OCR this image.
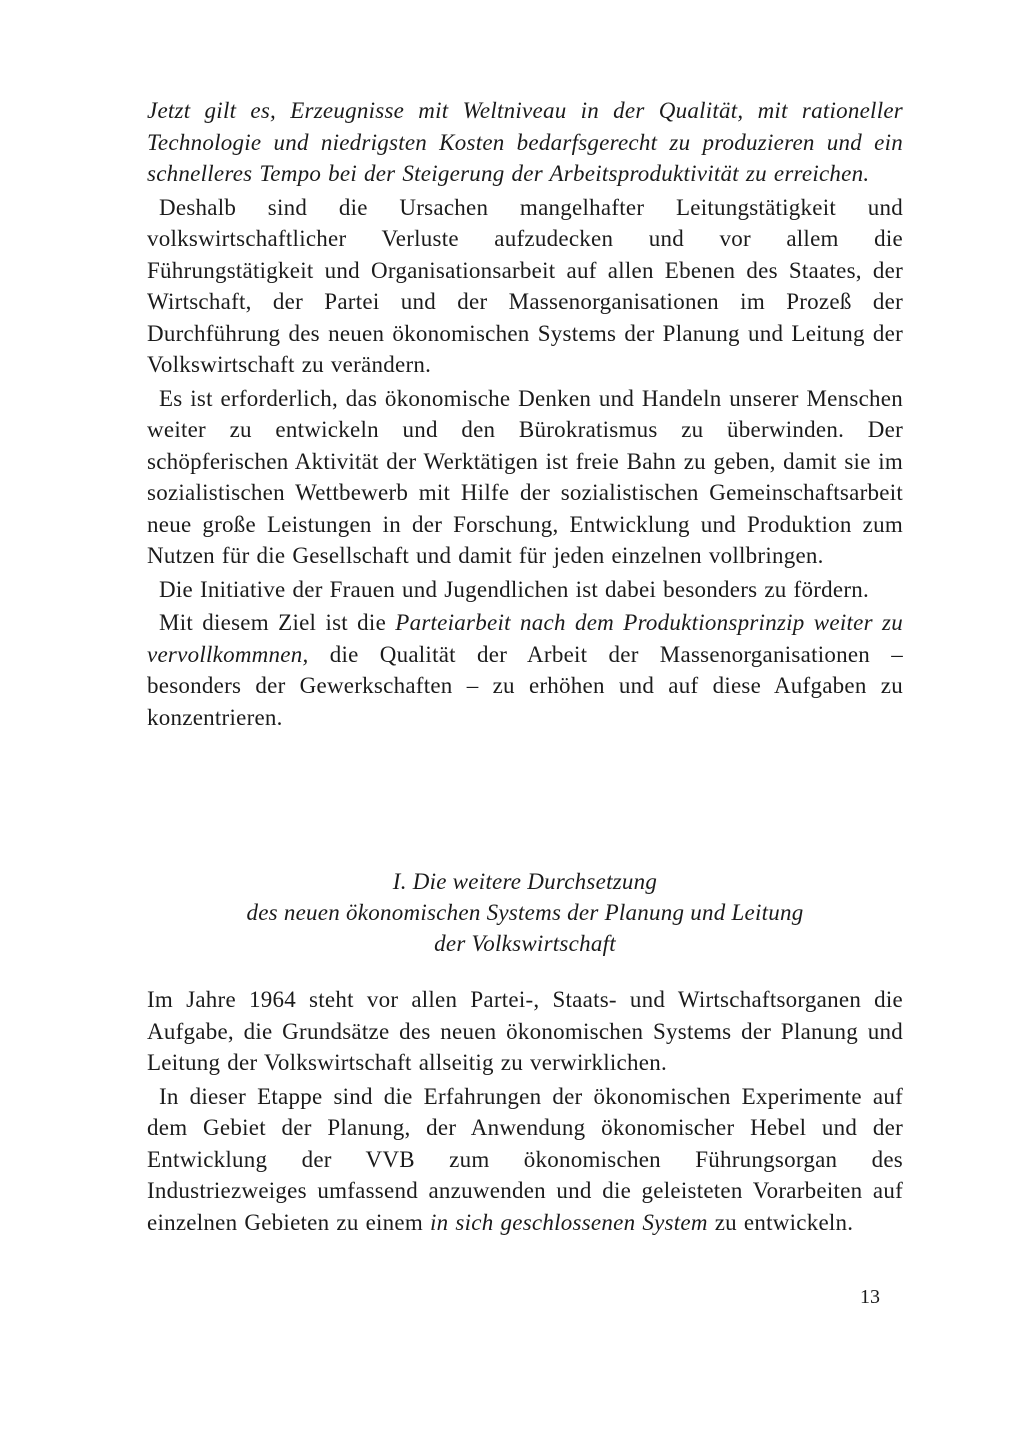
Jetzt gilt es, Erzeugnisse mit Weltniveau in der Qualität, mit rationeller Technologie und niedrigsten Kosten bedarfsgerecht zu produzieren und ein schnelleres Tempo bei der Steigerung der Arbeitsproduktivität zu erreichen.

Deshalb sind die Ursachen mangelhafter Leitungstätigkeit und volkswirtschaftlicher Verluste aufzudecken und vor allem die Führungstätigkeit und Organisationsarbeit auf allen Ebenen des Staates, der Wirtschaft, der Partei und der Massenorganisationen im Prozeß der Durchführung des neuen ökonomischen Systems der Planung und Leitung der Volkswirtschaft zu verändern.

Es ist erforderlich, das ökonomische Denken und Handeln unserer Menschen weiter zu entwickeln und den Bürokratismus zu überwinden. Der schöpferischen Aktivität der Werktätigen ist freie Bahn zu geben, damit sie im sozialistischen Wettbewerb mit Hilfe der sozialistischen Gemeinschaftsarbeit neue große Leistungen in der Forschung, Entwicklung und Produktion zum Nutzen für die Gesellschaft und damit für jeden einzelnen vollbringen.

Die Initiative der Frauen und Jugendlichen ist dabei besonders zu fördern.

Mit diesem Ziel ist die Parteiarbeit nach dem Produktionsprinzip weiter zu vervollkommnen, die Qualität der Arbeit der Massenorganisationen – besonders der Gewerkschaften – zu erhöhen und auf diese Aufgaben zu konzentrieren.

I. Die weitere Durchsetzung
des neuen ökonomischen Systems der Planung und Leitung
der Volkswirtschaft

Im Jahre 1964 steht vor allen Partei-, Staats- und Wirtschaftsorganen die Aufgabe, die Grundsätze des neuen ökonomischen Systems der Planung und Leitung der Volkswirtschaft allseitig zu verwirklichen.

In dieser Etappe sind die Erfahrungen der ökonomischen Experimente auf dem Gebiet der Planung, der Anwendung ökonomischer Hebel und der Entwicklung der VVB zum ökonomischen Führungsorgan des Industriezweiges umfassend anzuwenden und die geleisteten Vorarbeiten auf einzelnen Gebieten zu einem in sich geschlossenen System zu entwickeln.

13
